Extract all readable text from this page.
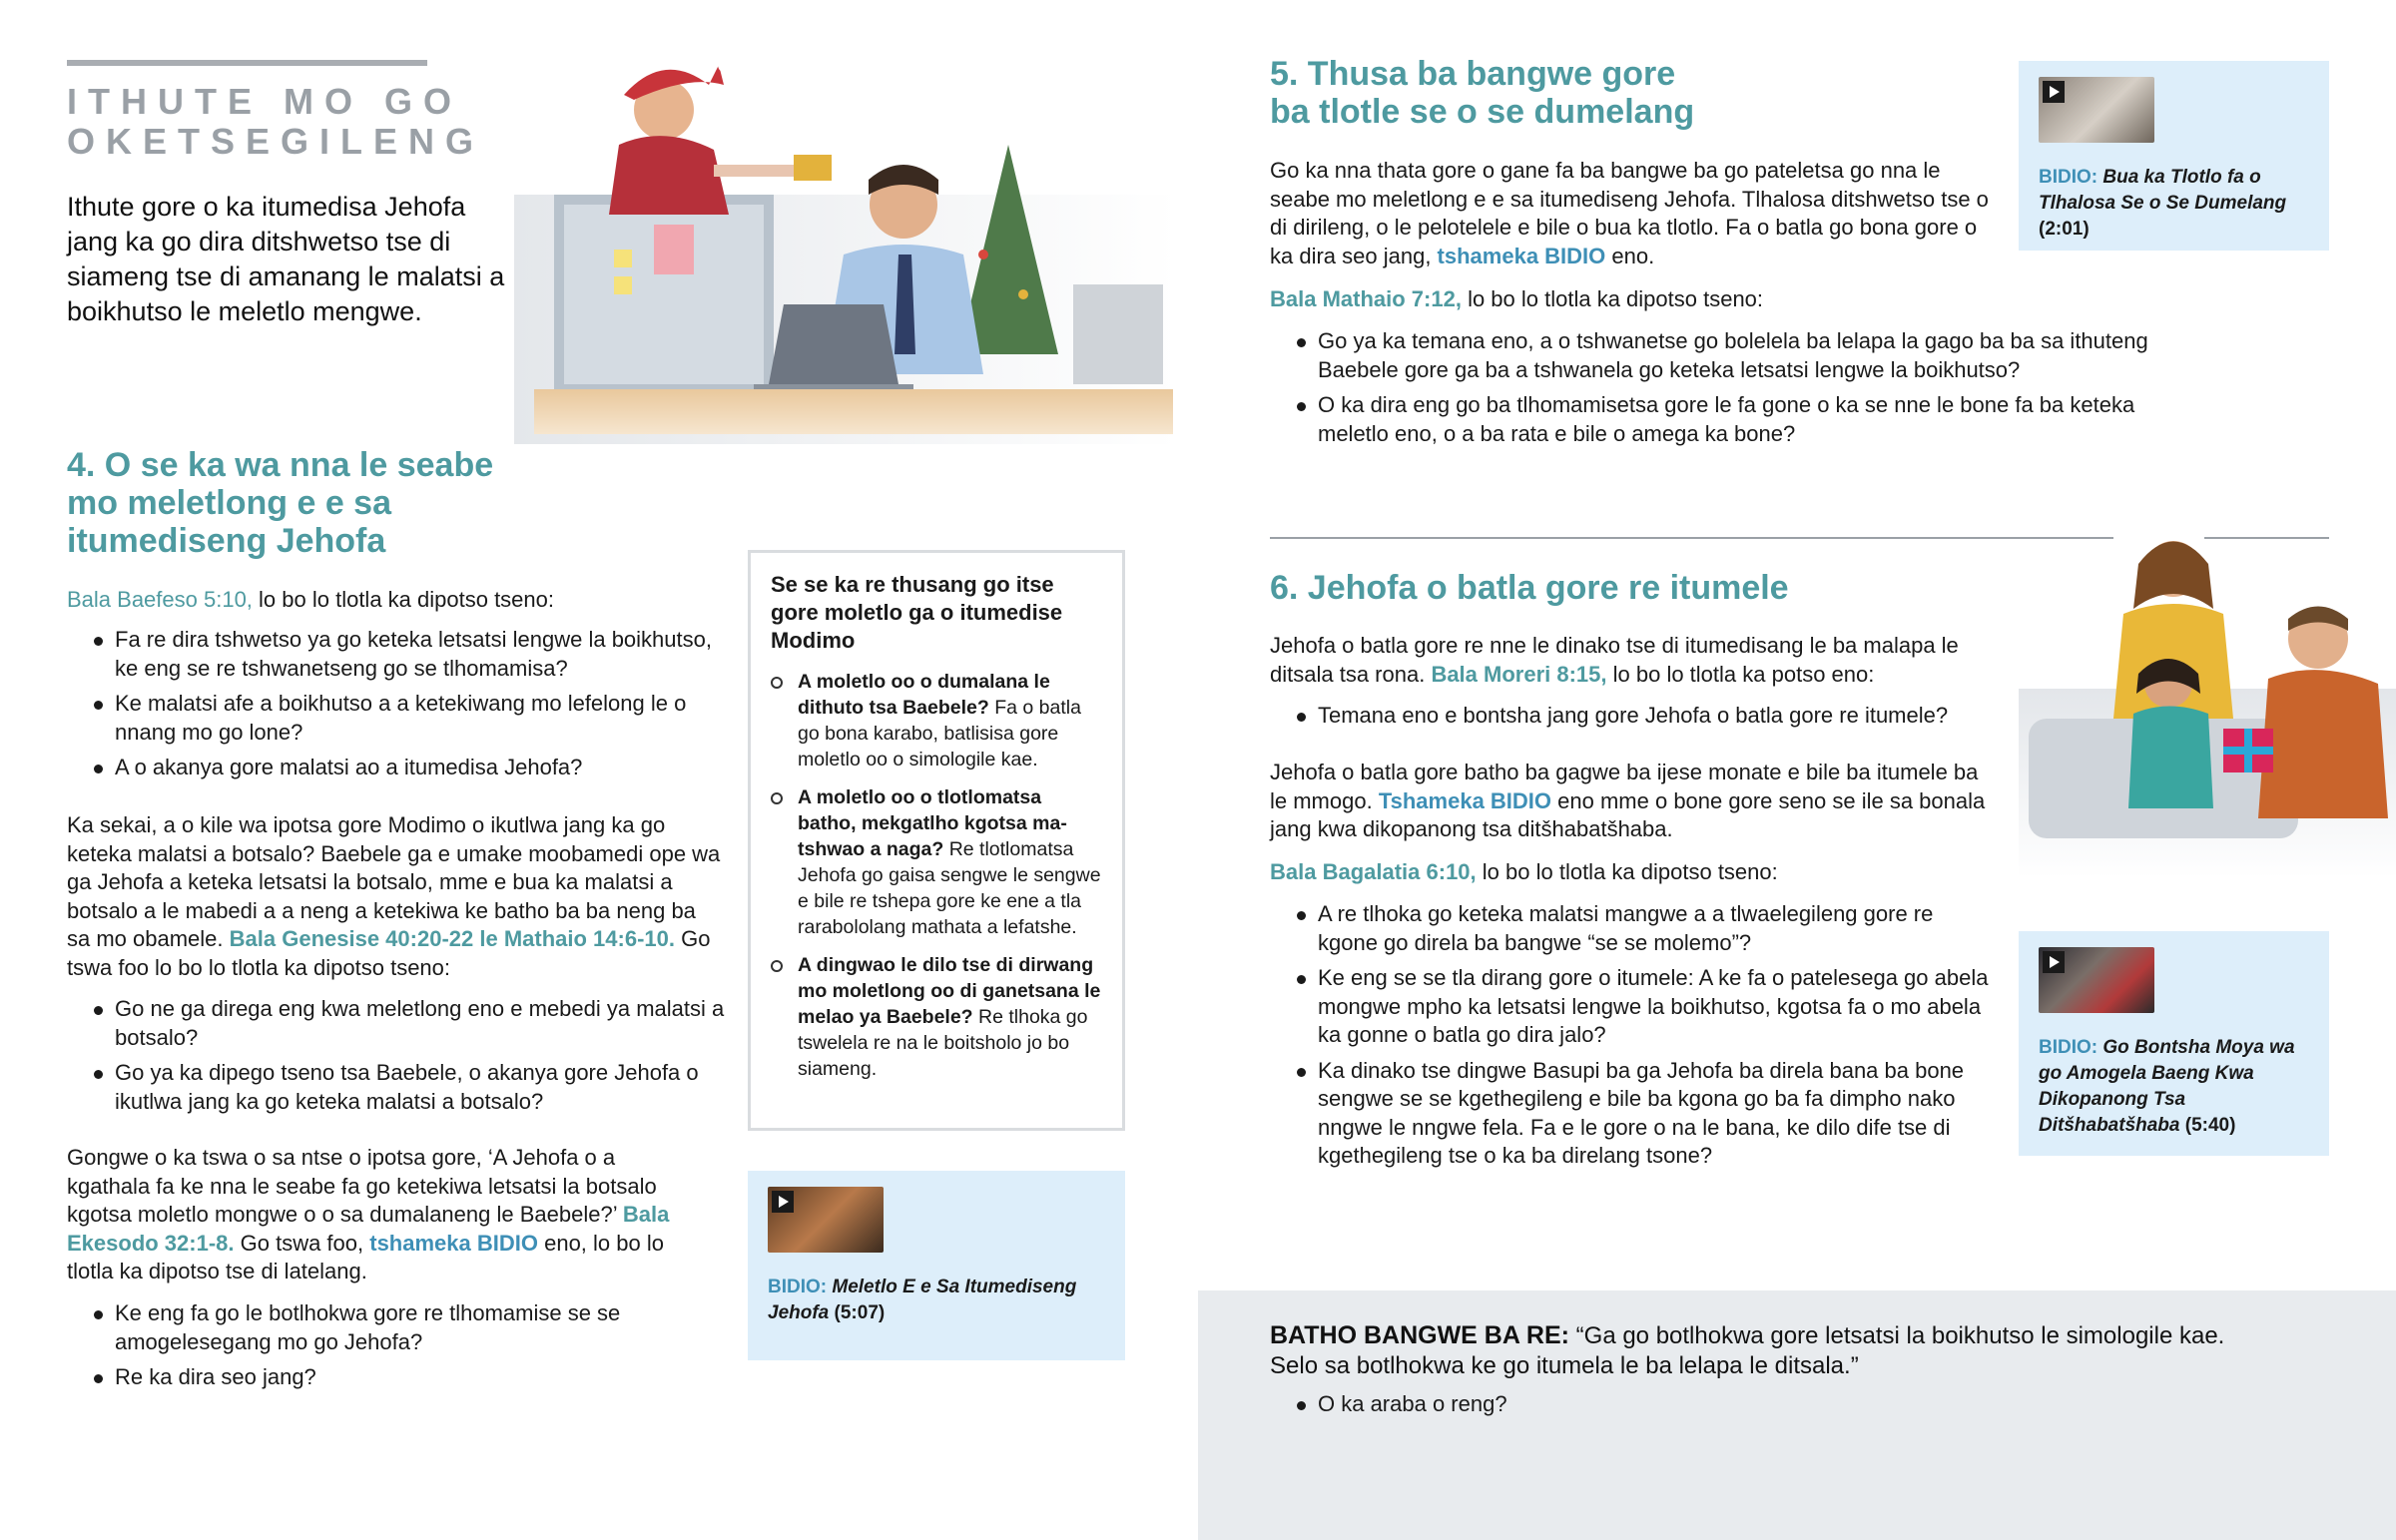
ITHUTE MO GO
OKETSEGILENG
Ithute gore o ka itumedisa Jehofa jang ka go dira ditshwetso tse di siameng tse di amanang le malatsi a boikhutso le meletlo mengwe.
4. O se ka wa nna le seabe mo meletlong e e sa itumediseng Jehofa
Bala Baefeso 5:10, lo bo lo tlotla ka dipotso tseno:
Fa re dira tshwetso ya go keteka letsatsi lengwe la boikhutso, ke eng se re tshwanetseng go se tlhomamisa?
Ke malatsi afe a boikhutso a a ketekiwang mo lefelong le o nnang mo go lone?
A o akanya gore malatsi ao a itumedisa Jehofa?
Ka sekai, a o kile wa ipotsa gore Modimo o ikutlwa jang ka go keteka malatsi a botsalo? Baebele ga e umake moobamedi ope wa ga Jehofa a keteka letsatsi la botsalo, mme e bua ka malatsi a botsalo a le mabedi a a neng a ketekiwa ke batho ba ba neng ba sa mo obamele. Bala Genesise 40:20-22 le Mathaio 14:6-10. Go tswa foo lo bo lo tlotla ka dipotso tseno:
Go ne ga direga eng kwa meletlong eno e mebedi ya malatsi a botsalo?
Go ya ka dipego tseno tsa Baebele, o akanya gore Jehofa o ikutlwa jang ka go keteka malatsi a botsalo?
Gongwe o ka tswa o sa ntse o ipotsa gore, ‘A Jehofa o a kgathala fa ke nna le seabe fa go ketekiwa letsatsi la botsalo kgotsa moletlo mongwe o o sa dumalaneng le Baebele?’ Bala Ekesodo 32:1-8. Go tswa foo, tshameka BIDIO eno, lo bo lo tlotla ka dipotso tse di latelang.
Ke eng fa go le botlhokwa gore re tlhomamise se se amogelesegang mo go Jehofa?
Re ka dira seo jang?
Se se ka re thusang go itse gore moletlo ga o itumedise Modimo
A moletlo oo o dumalana le dithuto tsa Baebele? Fa o batla go bona karabo, batlisisa gore moletlo oo o simologile kae.
A moletlo oo o tlotlomatsa batho, mekgatlho kgotsa matshwao a naga? Re tlotlomatsa Jehofa go gaisa sengwe le sengwe e bile re tshepa gore ke ene a tla rarabololang mathata a lefatshe.
A dingwao le dilo tse di dirwang mo moletlong oo di ganetsana le melao ya Baebele? Re tlhoka go tswelela re na le boitsholo jo bo siameng.
BIDIO: Meletlo E e Sa Itumediseng Jehofa (5:07)
5. Thusa ba bangwe gore
ba tlotle se o se dumelang
Go ka nna thata gore o gane fa ba bangwe ba go pateletsa go nna le seabe mo meletlong e e sa itumediseng Jehofa. Tlhalosa ditshwetso tse o di dirileng, o le pelotelele e bile o bua ka tlotlo. Fa o batla go bona gore o ka dira seo jang, tshameka BIDIO eno.
Bala Mathaio 7:12, lo bo lo tlotla ka dipotso tseno:
Go ya ka temana eno, a o tshwanetse go bolelela ba lelapa la gago ba ba sa ithuteng Baebele gore ga ba a tshwanela go keteka letsatsi lengwe la boikhutso?
O ka dira eng go ba tlhomamisetsa gore le fa gone o ka se nne le bone fa ba keteka meletlo eno, o a ba rata e bile o amega ka bone?
BIDIO: Bua ka Tlotlo fa o Tlhalosa Se o Se Dumelang (2:01)
6. Jehofa o batla gore re itumele
Jehofa o batla gore re nne le dinako tse di itumedisang le ba malapa le ditsala tsa rona. Bala Moreri 8:15, lo bo lo tlotla ka potso eno:
Temana eno e bontsha jang gore Jehofa o batla gore re itumele?
Jehofa o batla gore batho ba gagwe ba ijese monate e bile ba itumele ba le mmogo. Tshameka BIDIO eno mme o bone gore seno se ile sa bonala jang kwa dikopanong tsa ditšhabatšhaba.
Bala Bagalatia 6:10, lo bo lo tlotla ka dipotso tseno:
A re tlhoka go keteka malatsi mangwe a a tlwaelegileng gore re kgone go direla ba bangwe “se se molemo”?
Ke eng se se tla dirang gore o itumele: A ke fa o patelesega go abela mongwe mpho ka letsatsi lengwe la boikhutso, kgotsa fa o mo abela ka gonne o batla go dira jalo?
Ka dinako tse dingwe Basupi ba ga Jehofa ba direla bana ba bone sengwe se se kgethegileng e bile ba kgona go ba fa dimpho nako nngwe le nngwe fela. Fa e le gore o na le bana, ke dilo dife tse di kgethegileng tse o ka ba direlang tsone?
BIDIO: Go Bontsha Moya wa go Amogela Baeng Kwa Dikopanong Tsa Ditšhabatšhaba (5:40)
BATHO BANGWE BA RE: “Ga go botlhokwa gore letsatsi la boikhutso le simologile kae. Selo sa botlhokwa ke go itumela le ba lelapa le ditsala.”
O ka araba o reng?
